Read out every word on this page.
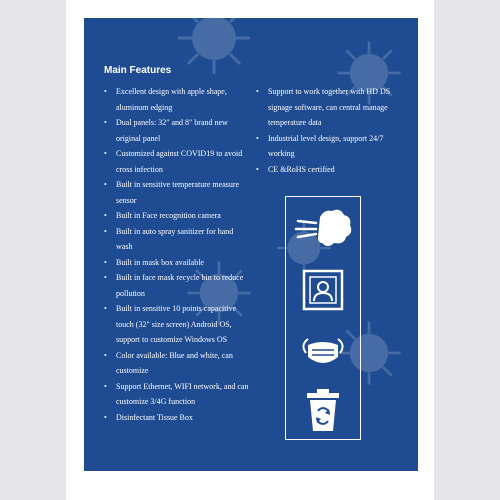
Main Features
• Excellent design with apple shape, aluminum edging
• Dual panels: 32" and 8" brand new original panel
• Customized against COVID19 to avoid cross infection
• Built in sensitive temperature measure sensor
• Built in Face recognition camera
• Built in auto spray sanitizer for hand wash
• Built in mask box available
• Built in face mask recycle bin to reduce pollution
• Built in sensitive 10 points capacitive touch (32" size screen) Android OS, support to customize Windows OS
• Color available: Blue and white, can customize
• Support Ethernet, WIFI network, and can customize 3/4G function
• Disinfectant Tissue Box
• Support to work together with HD DS signage software, can central manage temperature data
• Industrial level design, support 24/7 working
• CE &RoHS certified
